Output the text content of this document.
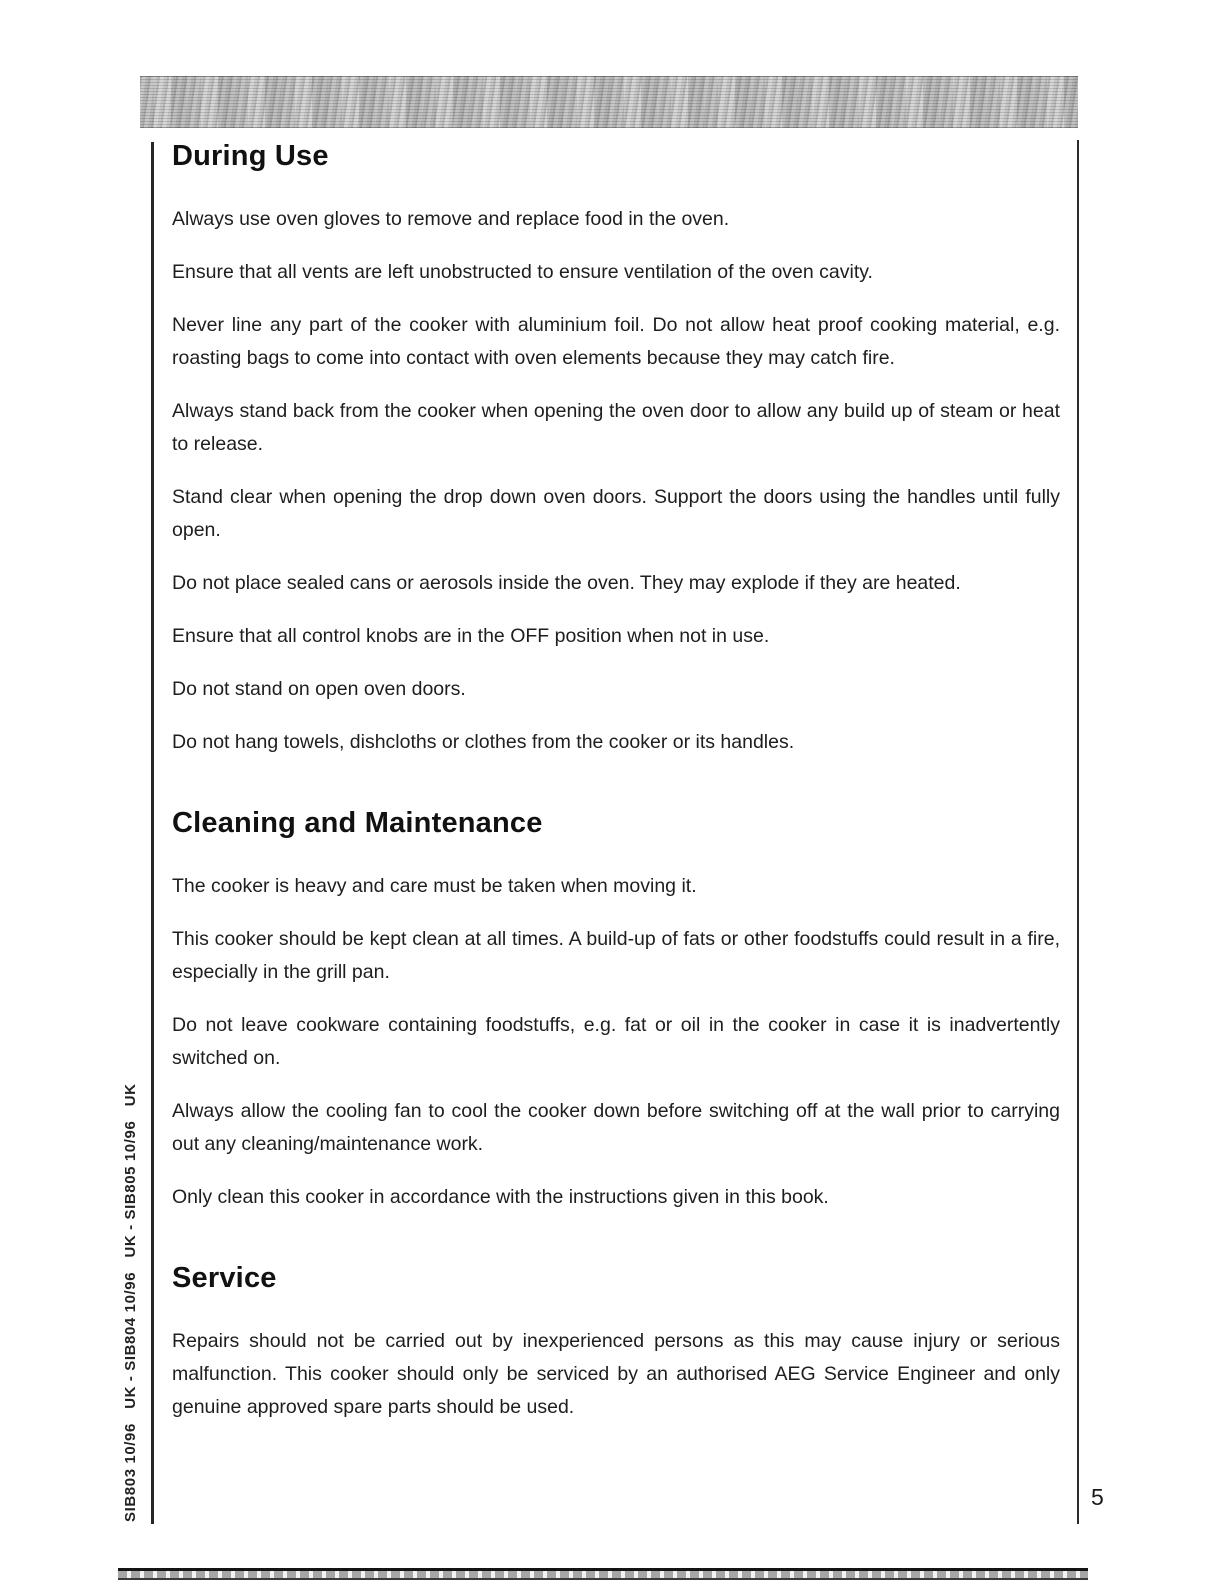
During Use

Always use oven gloves to remove and replace food in the oven.

Ensure that all vents are left unobstructed to ensure ventilation of the oven cavity.

Never line any part of the cooker with aluminium foil. Do not allow heat proof cooking material, e.g. roasting bags to come into contact with oven elements because they may catch fire.

Always stand back from the cooker when opening the oven door to allow any build up of steam or heat to release.

Stand clear when opening the drop down oven doors. Support the doors using the handles until fully open.

Do not place sealed cans or aerosols inside the oven. They may explode if they are heated.

Ensure that all control knobs are in the OFF position when not in use.

Do not stand on open oven doors.

Do not hang towels, dishcloths or clothes from the cooker or its handles.

Cleaning and Maintenance

The cooker is heavy and care must be taken when moving it.

This cooker should be kept clean at all times. A build-up of fats or other foodstuffs could result in a fire, especially in the grill pan.

Do not leave cookware containing foodstuffs, e.g. fat or oil in the cooker in case it is inadvertently switched on.

Always allow the cooling fan to cool the cooker down before switching off at the wall prior to carrying out any cleaning/maintenance work.

Only clean this cooker in accordance with the instructions given in this book.

Service

Repairs should not be carried out by inexperienced persons as this may cause injury or serious malfunction. This cooker should only be serviced by an authorised AEG Service Engineer and only genuine approved spare parts should be used.

SIB803 10/96   UK - SIB804 10/96   UK - SIB805 10/96   UK	5
